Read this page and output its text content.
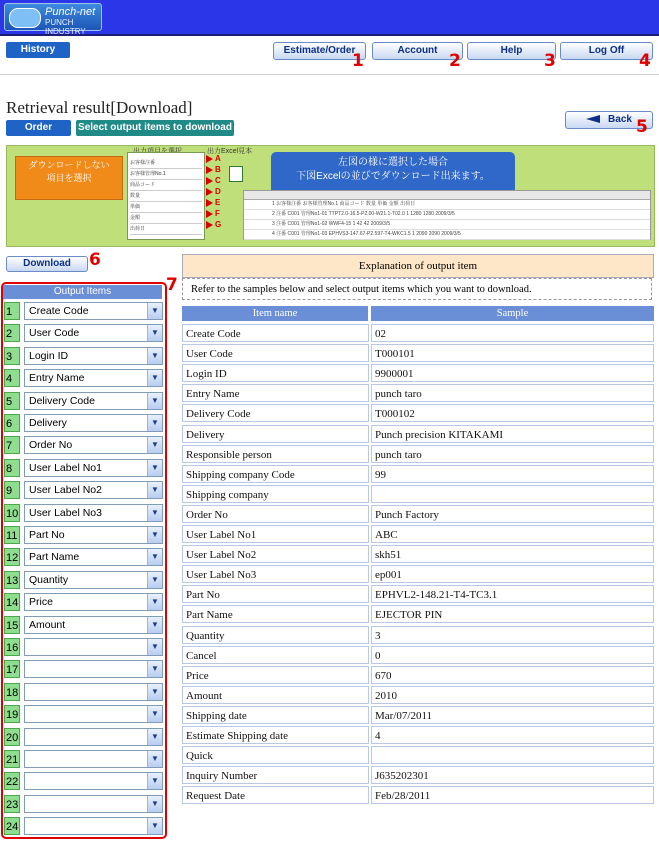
Punch-net
PUNCH INDUSTRY
History	Estimate/Order	Account	Help	Log Off
1	2	3	4
Retrieval result[Download]
Order	Select output items to download
Back 5
ダウンロードしない
項目を選択
お客様注番
お客様管理No.1
商品コード
数量
単価
金額
出荷日
出力Excel見本
A
B
C
D
E
F
G
左図の様に選択した場合
下図Excelの並びでダウンロード出来ます。
1 お客様注番 お客様管理No.1 商品コード 数量 単価 金額 出荷日
2 注番 C001 管理No1-01 TTPT2.0-16.5-P2.00-W21.1-T02.0 1 1280 1280 2009/3/5
3 注番 C001 管理No1-02 WWF4-15 1 42 42 2009/3/5
4 注番 C001 管理No1-03 EPHVS3-147.67-P2.597-T4-WKC1.5 1 2090 2090 2009/3/5
Download	6
7
Output Items
1	Create Code	▼
2	User Code	▼
3	Login ID	▼
4	Entry Name	▼
5	Delivery Code	▼
6	Delivery	▼
7	Order No	▼
8	User Label No1	▼
9	User Label No2	▼
10	User Label No3	▼
11	Part No	▼
12	Part Name	▼
13	Quantity	▼
14	Price	▼
15	Amount	▼
16	▼
17	▼
18	▼
19	▼
20	▼
21	▼
22	▼
23	▼
24	▼
Explanation of output item
Refer to the samples below and select output items which you want to download.
Item name	Sample
Create Code	02
User Code	T000101
Login ID	9900001
Entry Name	punch taro
Delivery Code	T000102
Delivery	Punch precision KITAKAMI
Responsible person	punch taro
Shipping company Code	99
Shipping company
Order No	Punch Factory
User Label No1	ABC
User Label No2	skh51
User Label No3	ep001
Part No	EPHVL2-148.21-T4-TC3.1
Part Name	EJECTOR PIN
Quantity	3
Cancel	0
Price	670
Amount	2010
Shipping date	Mar/07/2011
Estimate Shipping date	4
Quick
Inquiry Number	J635202301
Request Date	Feb/28/2011
